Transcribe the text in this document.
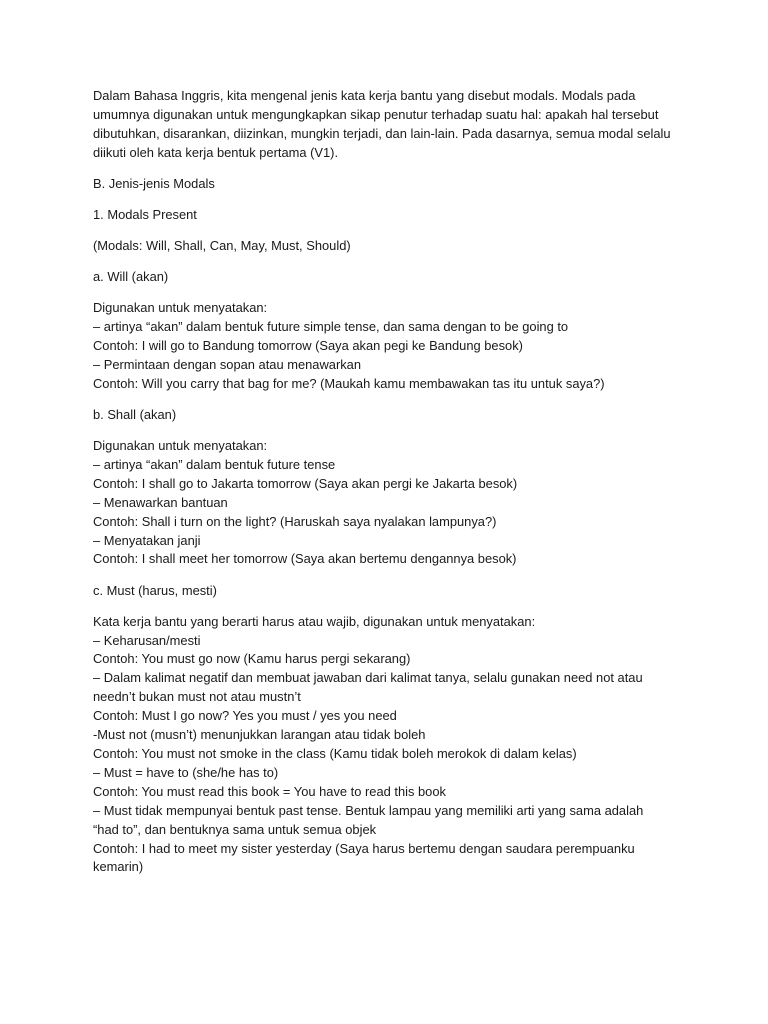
Dalam Bahasa Inggris, kita mengenal jenis kata kerja bantu yang disebut modals. Modals pada
umumnya digunakan untuk mengungkapkan sikap penutur terhadap suatu hal: apakah hal tersebut
dibutuhkan, disarankan, diizinkan, mungkin terjadi, dan lain-lain. Pada dasarnya, semua modal selalu
diikuti oleh kata kerja bentuk pertama (V1).

B. Jenis-jenis Modals

1. Modals Present

(Modals: Will, Shall, Can, May, Must, Should)

a. Will (akan)

Digunakan untuk menyatakan:
– artinya “akan” dalam bentuk future simple tense, dan sama dengan to be going to
Contoh: I will go to Bandung tomorrow (Saya akan pegi ke Bandung besok)
– Permintaan dengan sopan atau menawarkan
Contoh: Will you carry that bag for me? (Maukah kamu membawakan tas itu untuk saya?)

b. Shall (akan)

Digunakan untuk menyatakan:
– artinya “akan” dalam bentuk future tense
Contoh: I shall go to Jakarta tomorrow (Saya akan pergi ke Jakarta besok)
– Menawarkan bantuan
Contoh: Shall i turn on the light? (Haruskah saya nyalakan lampunya?)
– Menyatakan janji
Contoh: I shall meet her tomorrow (Saya akan bertemu dengannya besok)

c. Must (harus, mesti)

Kata kerja bantu yang berarti harus atau wajib, digunakan untuk menyatakan:
– Keharusan/mesti
Contoh: You must go now (Kamu harus pergi sekarang)
– Dalam kalimat negatif dan membuat jawaban dari kalimat tanya, selalu gunakan need not atau
needn’t bukan must not atau mustn’t
Contoh: Must I go now? Yes you must / yes you need
-Must not (musn’t) menunjukkan larangan atau tidak boleh
Contoh: You must not smoke in the class (Kamu tidak boleh merokok di dalam kelas)
– Must = have to (she/he has to)
Contoh: You must read this book = You have to read this book
– Must tidak mempunyai bentuk past tense. Bentuk lampau yang memiliki arti yang sama adalah
“had to”, dan bentuknya sama untuk semua objek
Contoh: I had to meet my sister yesterday (Saya harus bertemu dengan saudara perempuanku
kemarin)
